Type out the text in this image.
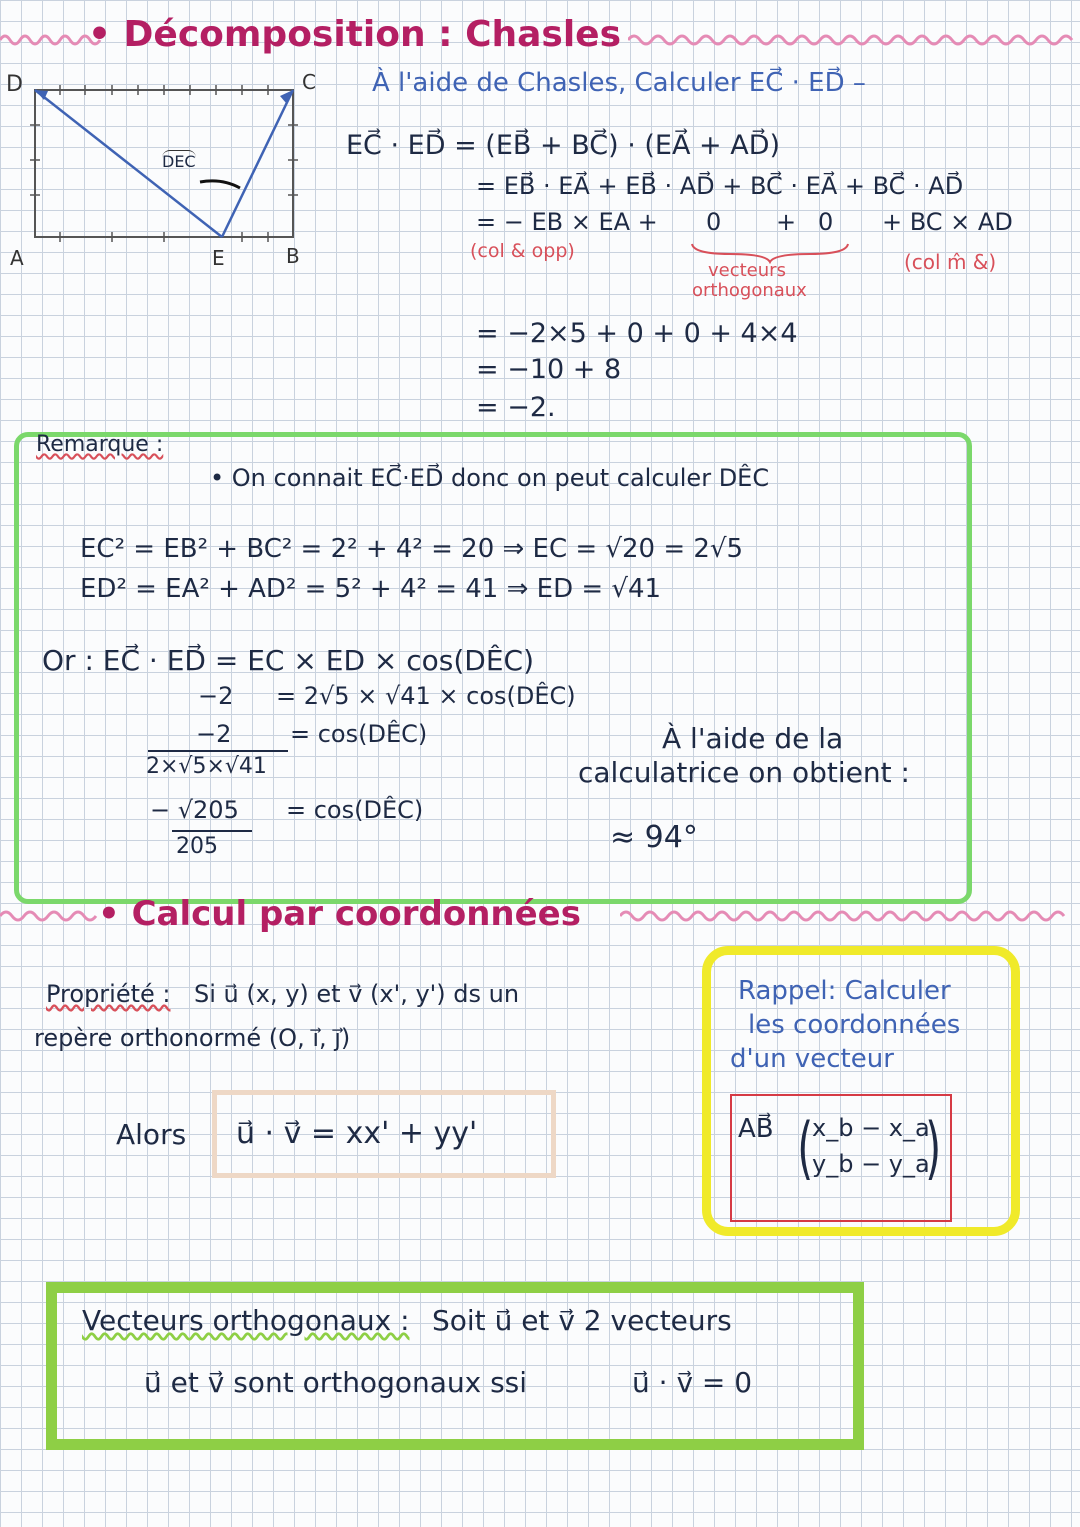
• Décomposition : Chasles
D	C
A	E	B
DEC
À l'aide de Chasles, Calculer EC⃗ · ED⃗ –
EC⃗ · ED⃗ = (EB⃗ + BC⃗) · (EA⃗ + AD⃗)
= EB⃗ · EA⃗ + EB⃗ · AD⃗ + BC⃗ · EA⃗ + BC⃗ · AD⃗
= − EB × EA + 0 + 0 + BC × AD
(col & opp)
vecteurs
orthogonaux
(col m̂ &)
= −2×5 + 0 + 0 + 4×4
= −10 + 8
= −2.
Remarque :
• On connait EC⃗·ED⃗ donc on peut calculer DÊC
EC² = EB² + BC² = 2² + 4² = 20 ⇒ EC = √20 = 2√5
ED² = EA² + AD² = 5² + 4² = 41 ⇒ ED = √41
Or : EC⃗ · ED⃗ = EC × ED × cos(DÊC)
−2 = 2√5 × √41 × cos(DÊC)
−2
2×√5×√41
= cos(DÊC)
− √205
205
= cos(DÊC)
À l'aide de la
calculatrice on obtient :
≈ 94°
• Calcul par coordonnées
Propriété : Si u⃗ (x, y) et v⃗ (x', y') ds un
repère orthonormé (O, i⃗, j⃗)
Alors u⃗ · v⃗ = xx' + yy'
Rappel: Calculer
les coordonnées
d'un vecteur
AB⃗ (
x_b − x_a
y_b − y_a
)
Vecteurs orthogonaux : Soit u⃗ et v⃗ 2 vecteurs
u⃗ et v⃗ sont orthogonaux ssi	u⃗ · v⃗ = 0
